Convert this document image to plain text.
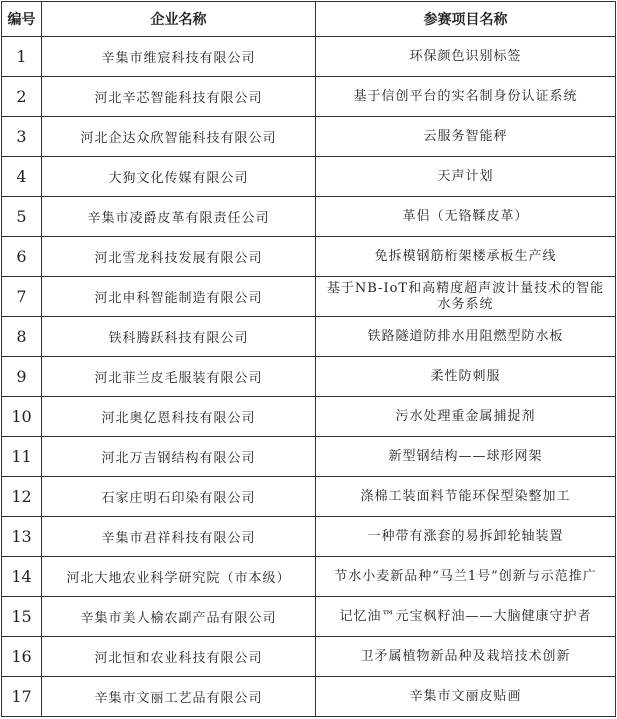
编号	企业名称	参赛项目名称
1	辛集市维宸科技有限公司	环保颜色识别标签
2	河北辛芯智能科技有限公司	基于信创平台的实名制身份认证系统
3	河北企达众欣智能科技有限公司	云服务智能秤
4	大狗文化传媒有限公司	天声计划
5	辛集市凌爵皮革有限责任公司	革侣（无铬鞣皮革）
6	河北雪龙科技发展有限公司	免拆模钢筋桁架楼承板生产线
7	河北申科智能制造有限公司	基于NB-IoT和高精度超声波计量技术的智能水务系统
8	铁科腾跃科技有限公司	铁路隧道防排水用阻燃型防水板
9	河北菲兰皮毛服装有限公司	柔性防刺服
10	河北奥亿恩科技有限公司	污水处理重金属捕捉剂
11	河北万吉钢结构有限公司	新型钢结构——球形网架
12	石家庄明石印染有限公司	涤棉工装面料节能环保型染整加工
13	辛集市君祥科技有限公司	一种带有涨套的易拆卸轮轴装置
14	河北大地农业科学研究院（市本级）	节水小麦新品种“马兰1号”创新与示范推广
15	辛集市美人榆农副产品有限公司	记忆油™元宝枫籽油——大脑健康守护者
16	河北恒和农业科技有限公司	卫矛属植物新品种及栽培技术创新
17	辛集市文丽工艺品有限公司	辛集市文丽皮贴画
